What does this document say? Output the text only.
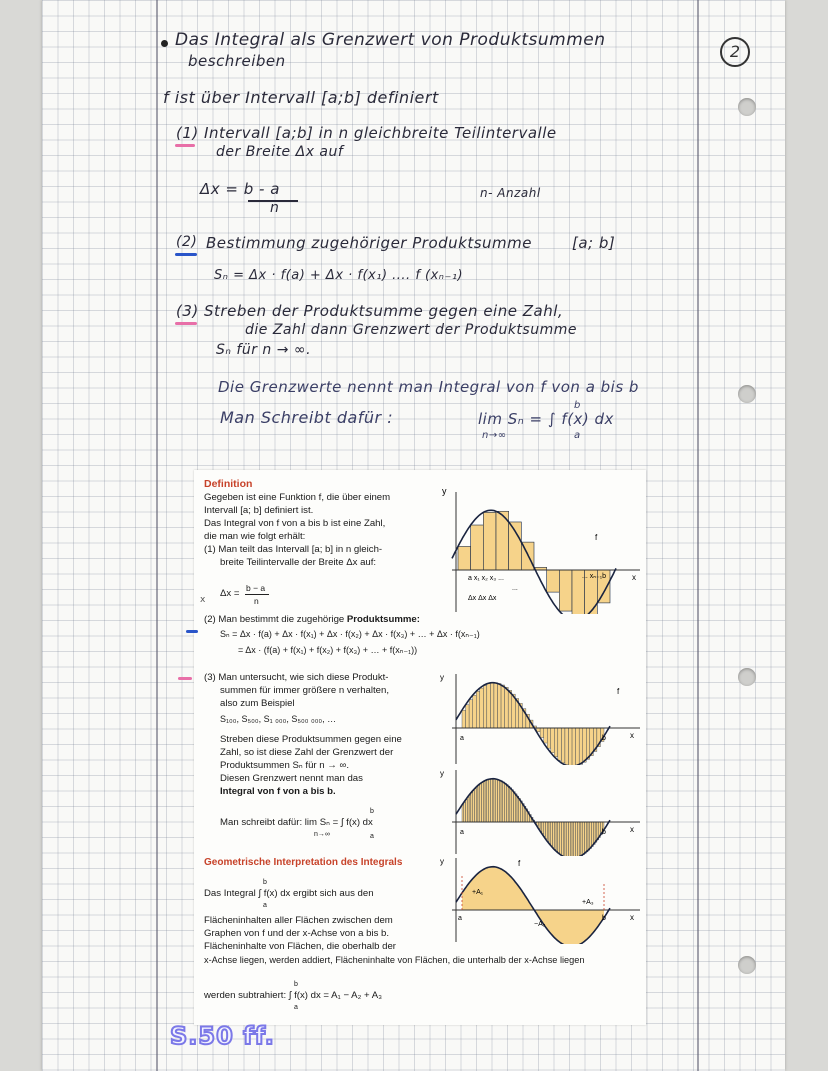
Das Integral als Grenzwert von Produktsummen
beschreiben	2
f ist über Intervall [a;b] definiert
(1) Intervall [a;b] in n gleichbreite Teilintervalle
der Breite Δx auf
Δx = b - a
n
n- Anzahl
(2) Bestimmung zugehöriger Produktsumme	[a; b]
Sₙ = Δx · f(a) + Δx · f(x₁) .... f (xₙ₋₁)
(3) Streben der Produktsumme gegen eine Zahl,
die Zahl dann Grenzwert der Produktsumme
Sₙ für n → ∞.
Die Grenzwerte nennt man Integral von f von a bis b
Man Schreibt dafür :	lim Sₙ = ∫ f(x) dx
n→∞
b
a
Definition
Gegeben ist eine Funktion f, die über einem
Intervall [a; b] definiert ist.
Das Integral von f von a bis b ist eine Zahl,
die man wie folgt erhält:
(1) Man teilt das Intervall [a; b] in n gleich-
breite Teilintervalle der Breite Δx auf:
x
Δx = b − a
n
(2) Man bestimmt die zugehörige Produktsumme:
Sₙ = Δx · f(a) + Δx · f(x₁) + Δx · f(x₂) + Δx · f(x₃) + … + Δx · f(xₙ₋₁)
= Δx · (f(a) + f(x₁) + f(x₂) + f(x₃) + … + f(xₙ₋₁))
(3) Man untersucht, wie sich diese Produkt-
summen für immer größere n verhalten,
also zum Beispiel
S₁₀₀, S₅₀₀, S₁ ₀₀₀, S₅₀₀ ₀₀₀, …
Streben diese Produktsummen gegen eine
Zahl, so ist diese Zahl der Grenzwert der
Produktsummen Sₙ für n → ∞.
Diesen Grenzwert nennt man das
Integral von f von a bis b.
Man schreibt dafür: lim Sₙ = ∫ f(x) dx
n→∞
b
a
Geometrische Interpretation des Integrals
Das Integral ∫ f(x) dx ergibt sich aus den
b
a
Flächeninhalten aller Flächen zwischen dem
Graphen von f und der x-Achse von a bis b.
Flächeninhalte von Flächen, die oberhalb der
x-Achse liegen, werden addiert, Flächeninhalte von Flächen, die unterhalb der x-Achse liegen
werden subtrahiert: ∫ f(x) dx = A₁ − A₂ + A₃
b
a
y
x
f
a x₁ x₂ x₃ ...
...
Δx Δx Δx
... xₙ₋₁b
y
x
f
a	b
y
x
a	b
y
x
f
a	b
+A₁
−A₂
+A₃
S.50 ff.
